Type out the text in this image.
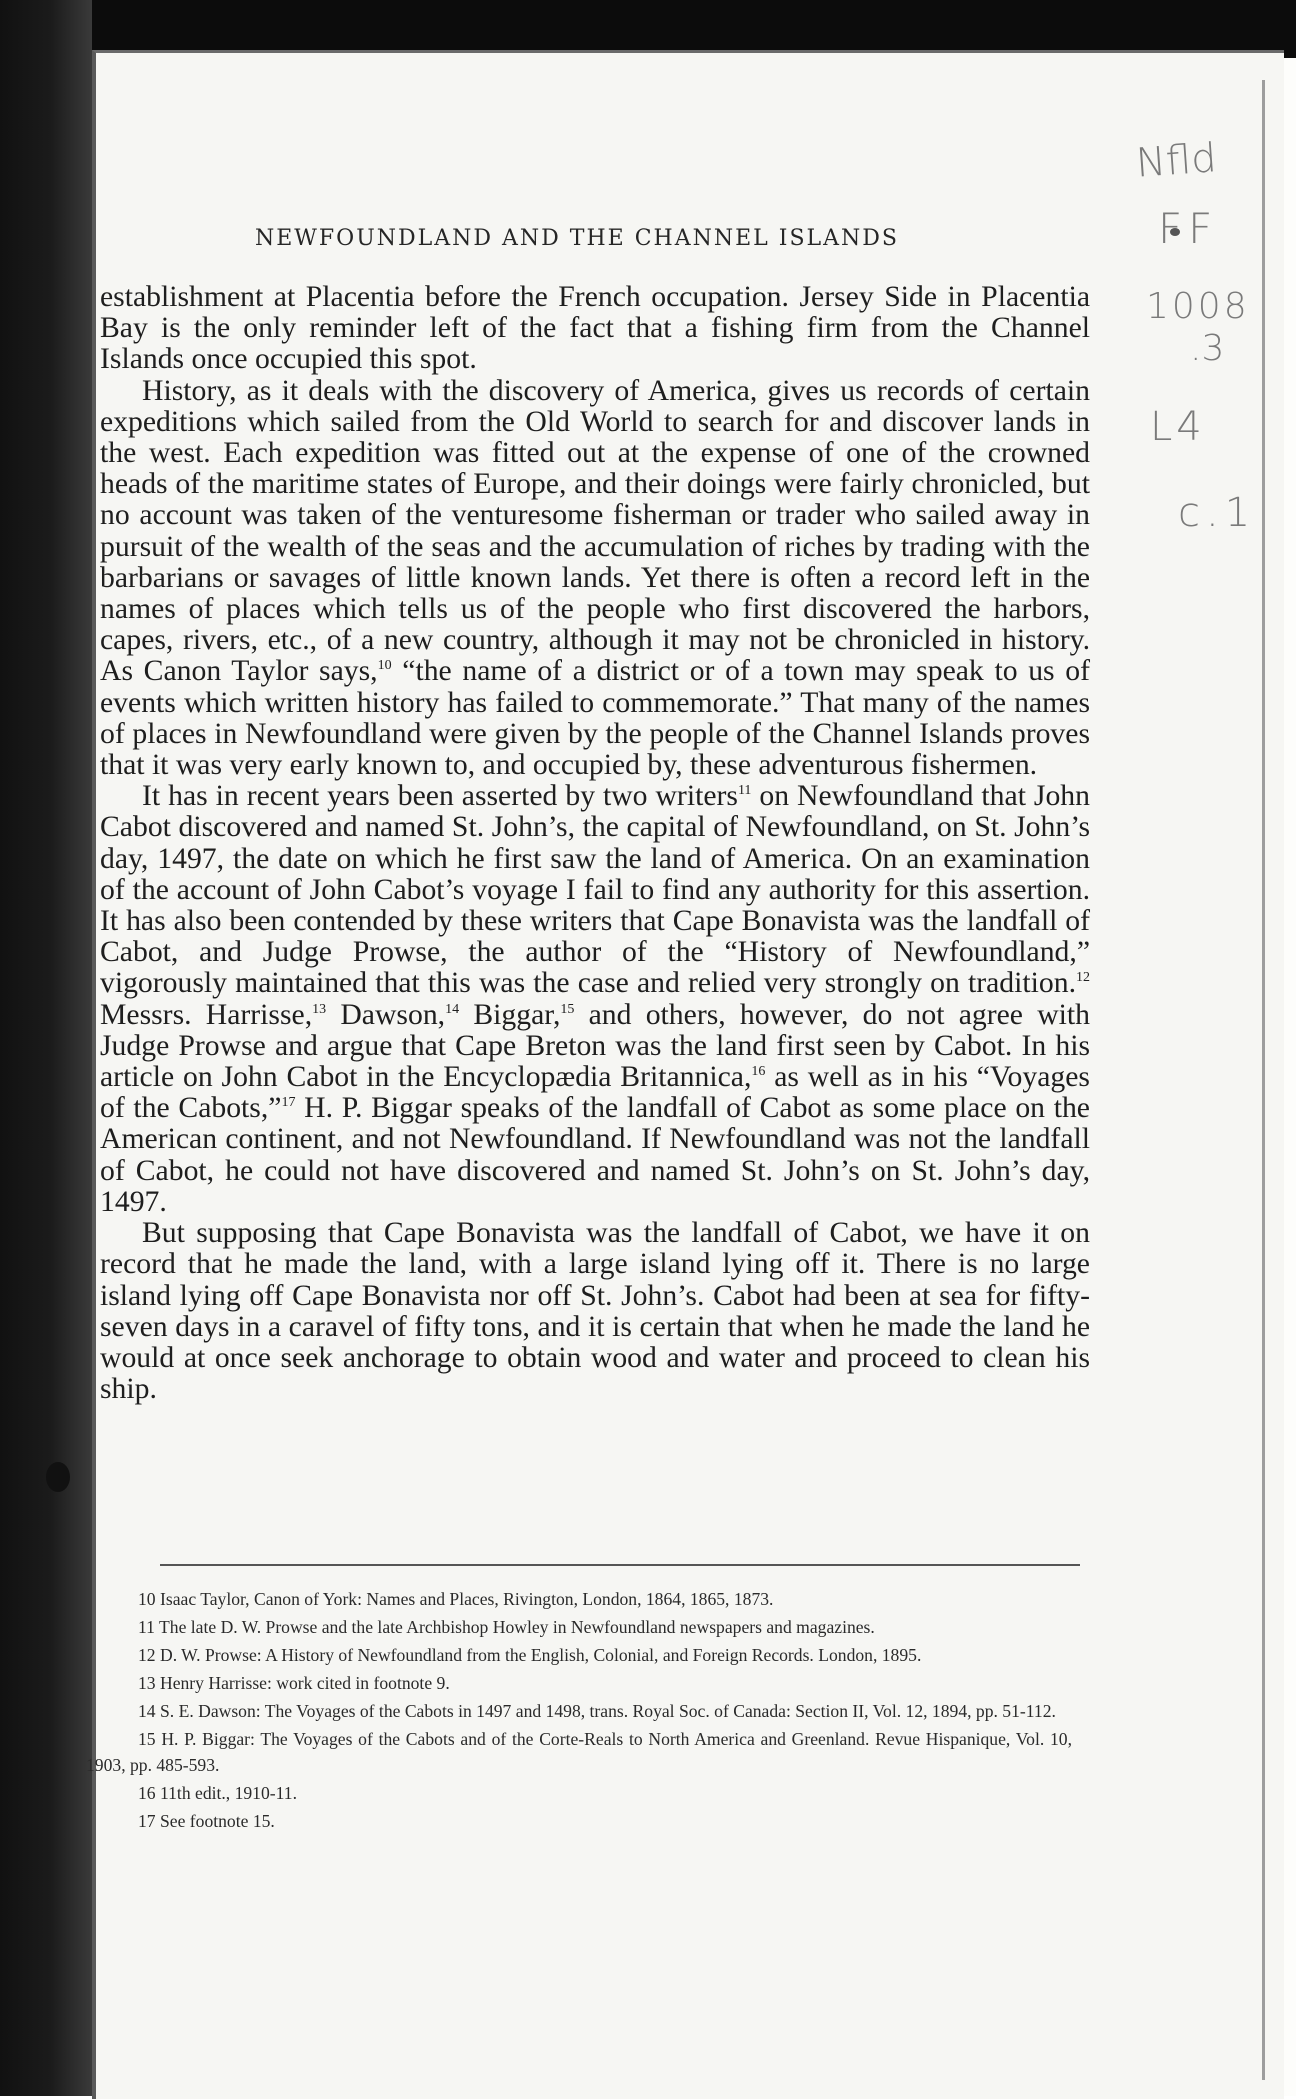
NEWFOUNDLAND AND THE CHANNEL ISLANDS

establishment at Placentia before the French occupation. Jersey Side in Placentia Bay is the only reminder left of the fact that a fishing firm from the Channel Islands once occupied this spot.

History, as it deals with the discovery of America, gives us records of certain expeditions which sailed from the Old World to search for and discover lands in the west. Each expedition was fitted out at the expense of one of the crowned heads of the maritime states of Europe, and their doings were fairly chronicled, but no account was taken of the venturesome fisherman or trader who sailed away in pursuit of the wealth of the seas and the accumulation of riches by trading with the barbarians or savages of little known lands. Yet there is often a record left in the names of places which tells us of the people who first discovered the harbors, capes, rivers, etc., of a new country, although it may not be chronicled in history. As Canon Taylor says,$^{10}$ “the name of a district or of a town may speak to us of events which written history has failed to commemorate.” That many of the names of places in Newfoundland were given by the people of the Channel Islands proves that it was very early known to, and occupied by, these adventurous fishermen.

It has in recent years been asserted by two writers$^{11}$ on Newfoundland that John Cabot discovered and named St. John’s, the capital of Newfoundland, on St. John’s day, 1497, the date on which he first saw the land of America. On an examination of the account of John Cabot’s voyage I fail to find any authority for this assertion. It has also been contended by these writers that Cape Bonavista was the landfall of Cabot, and Judge Prowse, the author of the “History of Newfoundland,” vigorously maintained that this was the case and relied very strongly on tradition.$^{12}$ Messrs. Harrisse,$^{13}$ Dawson,$^{14}$ Biggar,$^{15}$ and others, however, do not agree with Judge Prowse and argue that Cape Breton was the land first seen by Cabot. In his article on John Cabot in the Encyclopædia Britannica,$^{16}$ as well as in his “Voyages of the Cabots,”$^{17}$ H. P. Biggar speaks of the landfall of Cabot as some place on the American continent, and not Newfoundland. If Newfoundland was not the landfall of Cabot, he could not have discovered and named St. John’s on St. John’s day, 1497.

But supposing that Cape Bonavista was the landfall of Cabot, we have it on record that he made the land, with a large island lying off it. There is no large island lying off Cape Bonavista nor off St. John’s. Cabot had been at sea for fifty-seven days in a caravel of fifty tons, and it is certain that when he made the land he would at once seek anchorage to obtain wood and water and proceed to clean his ship.

10 Isaac Taylor, Canon of York: Names and Places, Rivington, London, 1864, 1865, 1873.

11 The late D. W. Prowse and the late Archbishop Howley in Newfoundland newspapers and magazines.

12 D. W. Prowse: A History of Newfoundland from the English, Colonial, and Foreign Records. London, 1895.

13 Henry Harrisse: work cited in footnote 9.

14 S. E. Dawson: The Voyages of the Cabots in 1497 and 1498, trans. Royal Soc. of Canada: Section II, Vol. 12, 1894, pp. 51-112.

15 H. P. Biggar: The Voyages of the Cabots and of the Corte-Reals to North America and Greenland. Revue Hispanique, Vol. 10, 1903, pp. 485-593.

16 11th edit., 1910-11.

17 See footnote 15.

Nfld
FF
1008
.3
L4
c.1
